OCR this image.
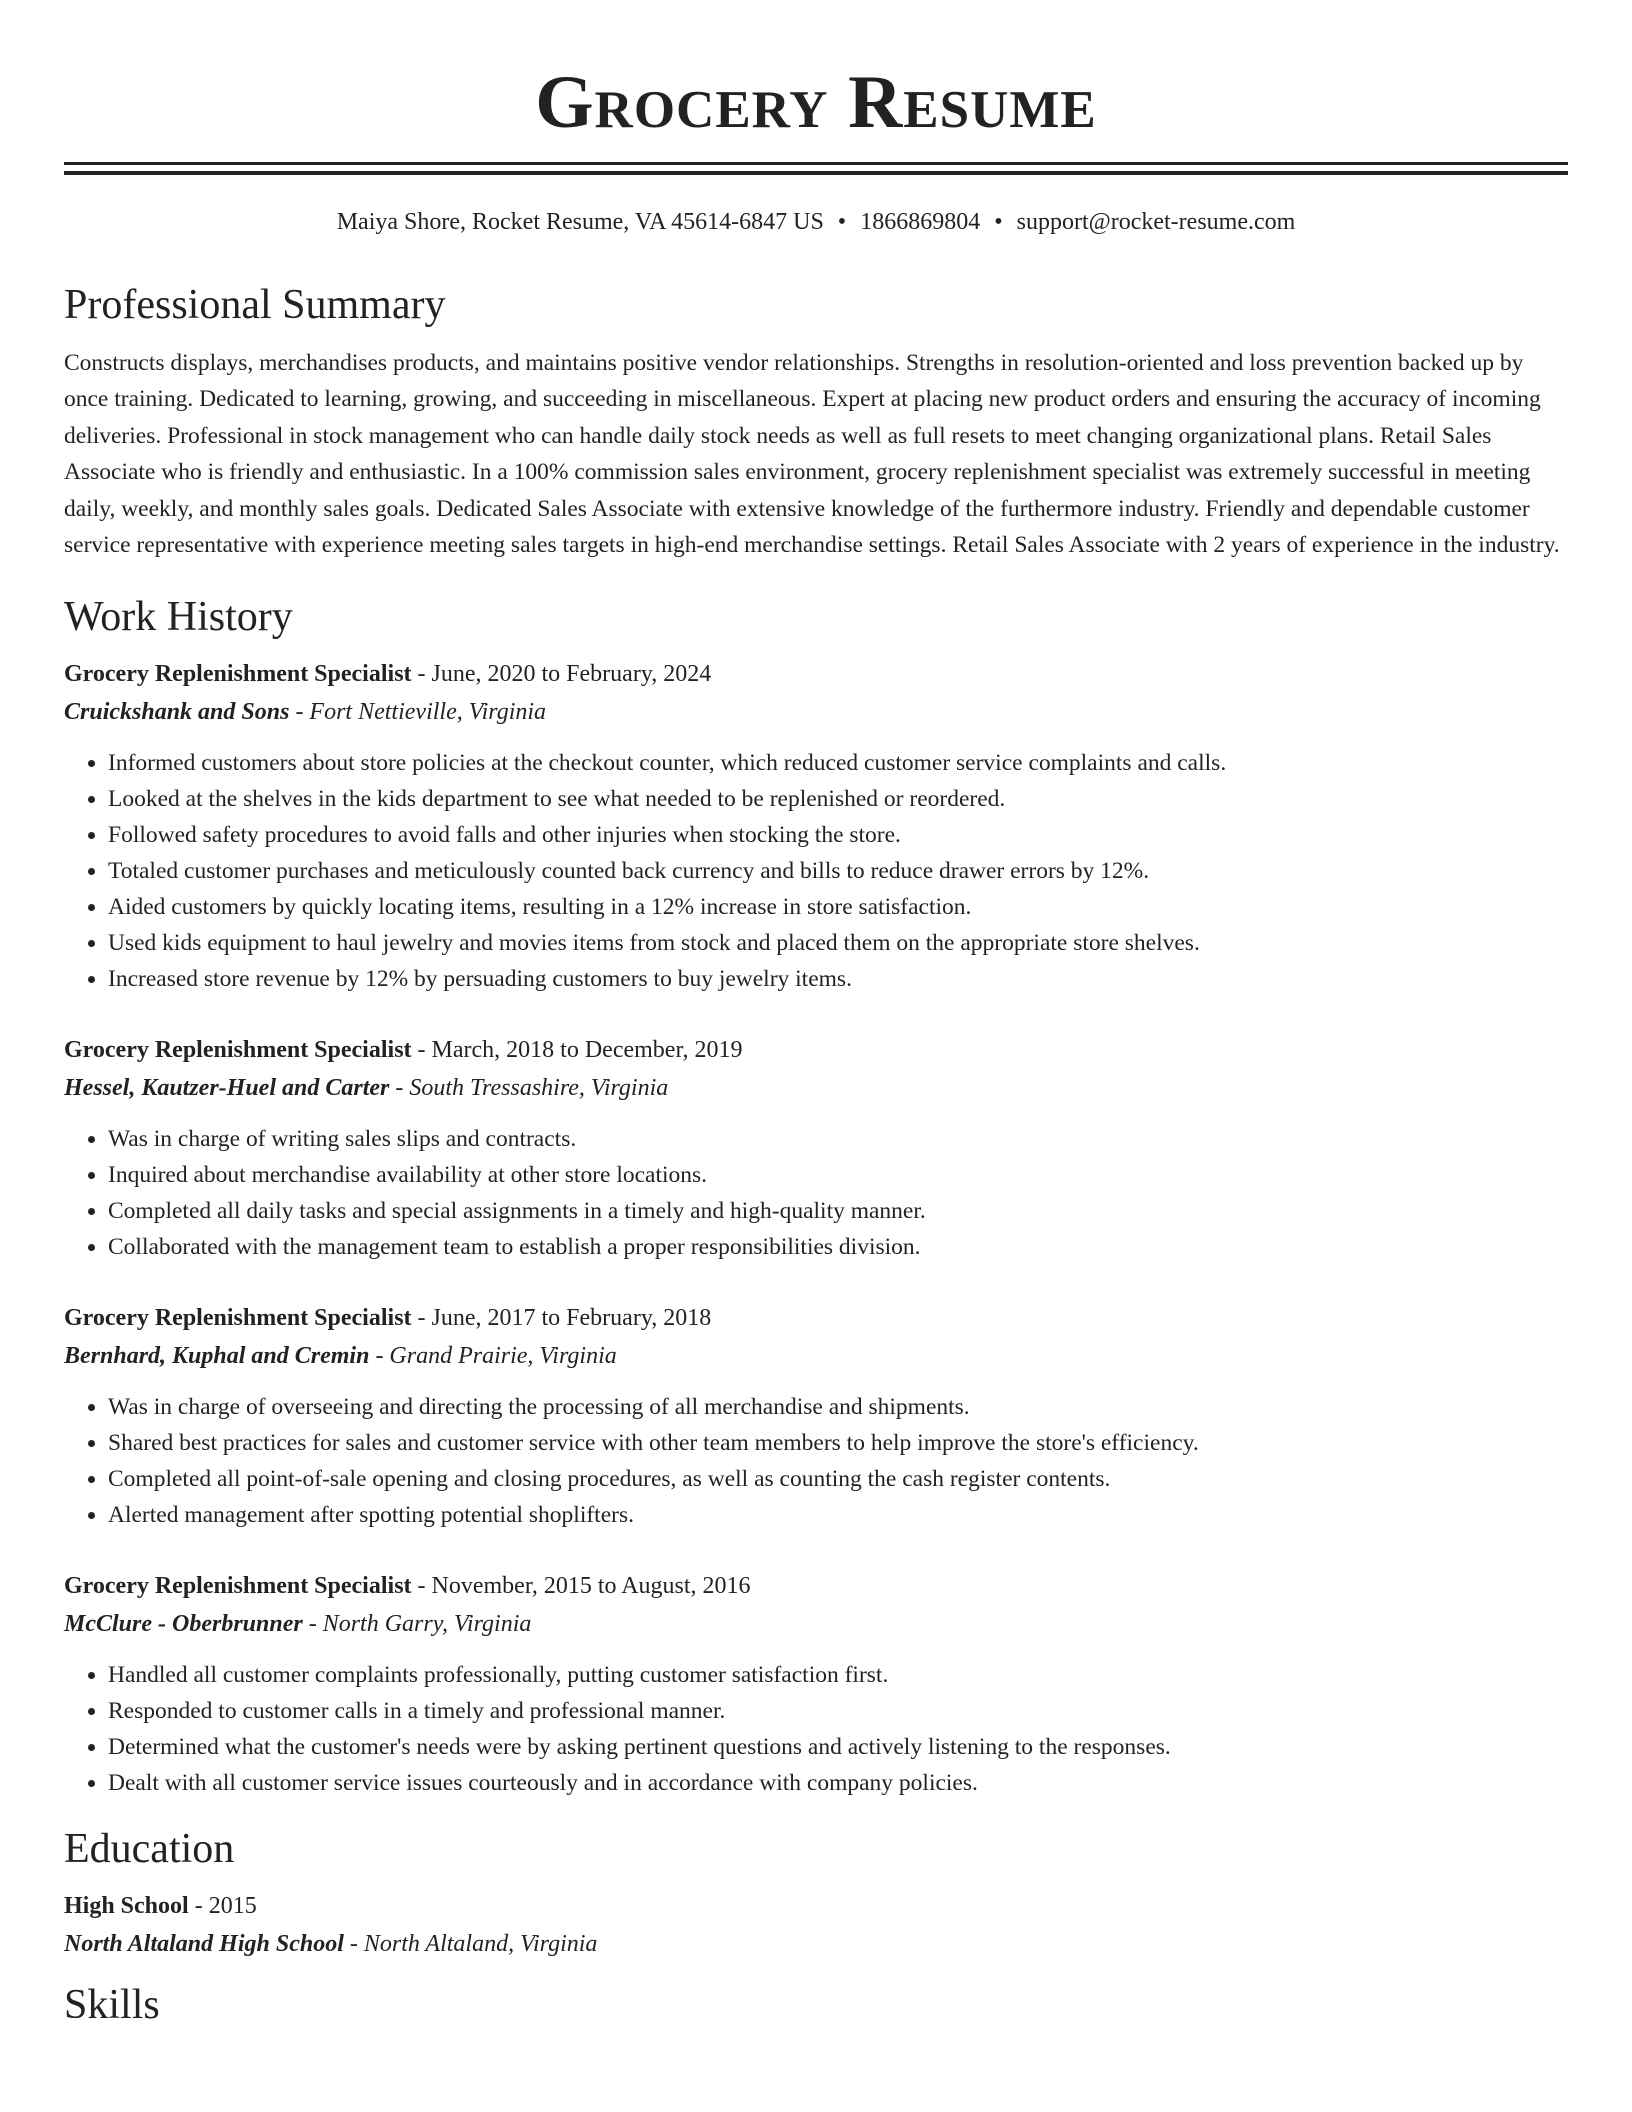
Grocery Resume
Maiya Shore, Rocket Resume, VA 45614-6847 US • 1866869804 • support@rocket-resume.com
Professional Summary
Constructs displays, merchandises products, and maintains positive vendor relationships. Strengths in resolution-oriented and loss prevention backed up by once training. Dedicated to learning, growing, and succeeding in miscellaneous. Expert at placing new product orders and ensuring the accuracy of incoming deliveries. Professional in stock management who can handle daily stock needs as well as full resets to meet changing organizational plans. Retail Sales Associate who is friendly and enthusiastic. In a 100% commission sales environment, grocery replenishment specialist was extremely successful in meeting daily, weekly, and monthly sales goals. Dedicated Sales Associate with extensive knowledge of the furthermore industry. Friendly and dependable customer service representative with experience meeting sales targets in high-end merchandise settings. Retail Sales Associate with 2 years of experience in the industry.
Work History
Grocery Replenishment Specialist - June, 2020 to February, 2024
Cruickshank and Sons - Fort Nettieville, Virginia
• Informed customers about store policies at the checkout counter, which reduced customer service complaints and calls.
• Looked at the shelves in the kids department to see what needed to be replenished or reordered.
• Followed safety procedures to avoid falls and other injuries when stocking the store.
• Totaled customer purchases and meticulously counted back currency and bills to reduce drawer errors by 12%.
• Aided customers by quickly locating items, resulting in a 12% increase in store satisfaction.
• Used kids equipment to haul jewelry and movies items from stock and placed them on the appropriate store shelves.
• Increased store revenue by 12% by persuading customers to buy jewelry items.
Grocery Replenishment Specialist - March, 2018 to December, 2019
Hessel, Kautzer-Huel and Carter - South Tressashire, Virginia
• Was in charge of writing sales slips and contracts.
• Inquired about merchandise availability at other store locations.
• Completed all daily tasks and special assignments in a timely and high-quality manner.
• Collaborated with the management team to establish a proper responsibilities division.
Grocery Replenishment Specialist - June, 2017 to February, 2018
Bernhard, Kuphal and Cremin - Grand Prairie, Virginia
• Was in charge of overseeing and directing the processing of all merchandise and shipments.
• Shared best practices for sales and customer service with other team members to help improve the store's efficiency.
• Completed all point-of-sale opening and closing procedures, as well as counting the cash register contents.
• Alerted management after spotting potential shoplifters.
Grocery Replenishment Specialist - November, 2015 to August, 2016
McClure - Oberbrunner - North Garry, Virginia
• Handled all customer complaints professionally, putting customer satisfaction first.
• Responded to customer calls in a timely and professional manner.
• Determined what the customer's needs were by asking pertinent questions and actively listening to the responses.
• Dealt with all customer service issues courteously and in accordance with company policies.
Education
High School - 2015
North Altaland High School - North Altaland, Virginia
Skills
